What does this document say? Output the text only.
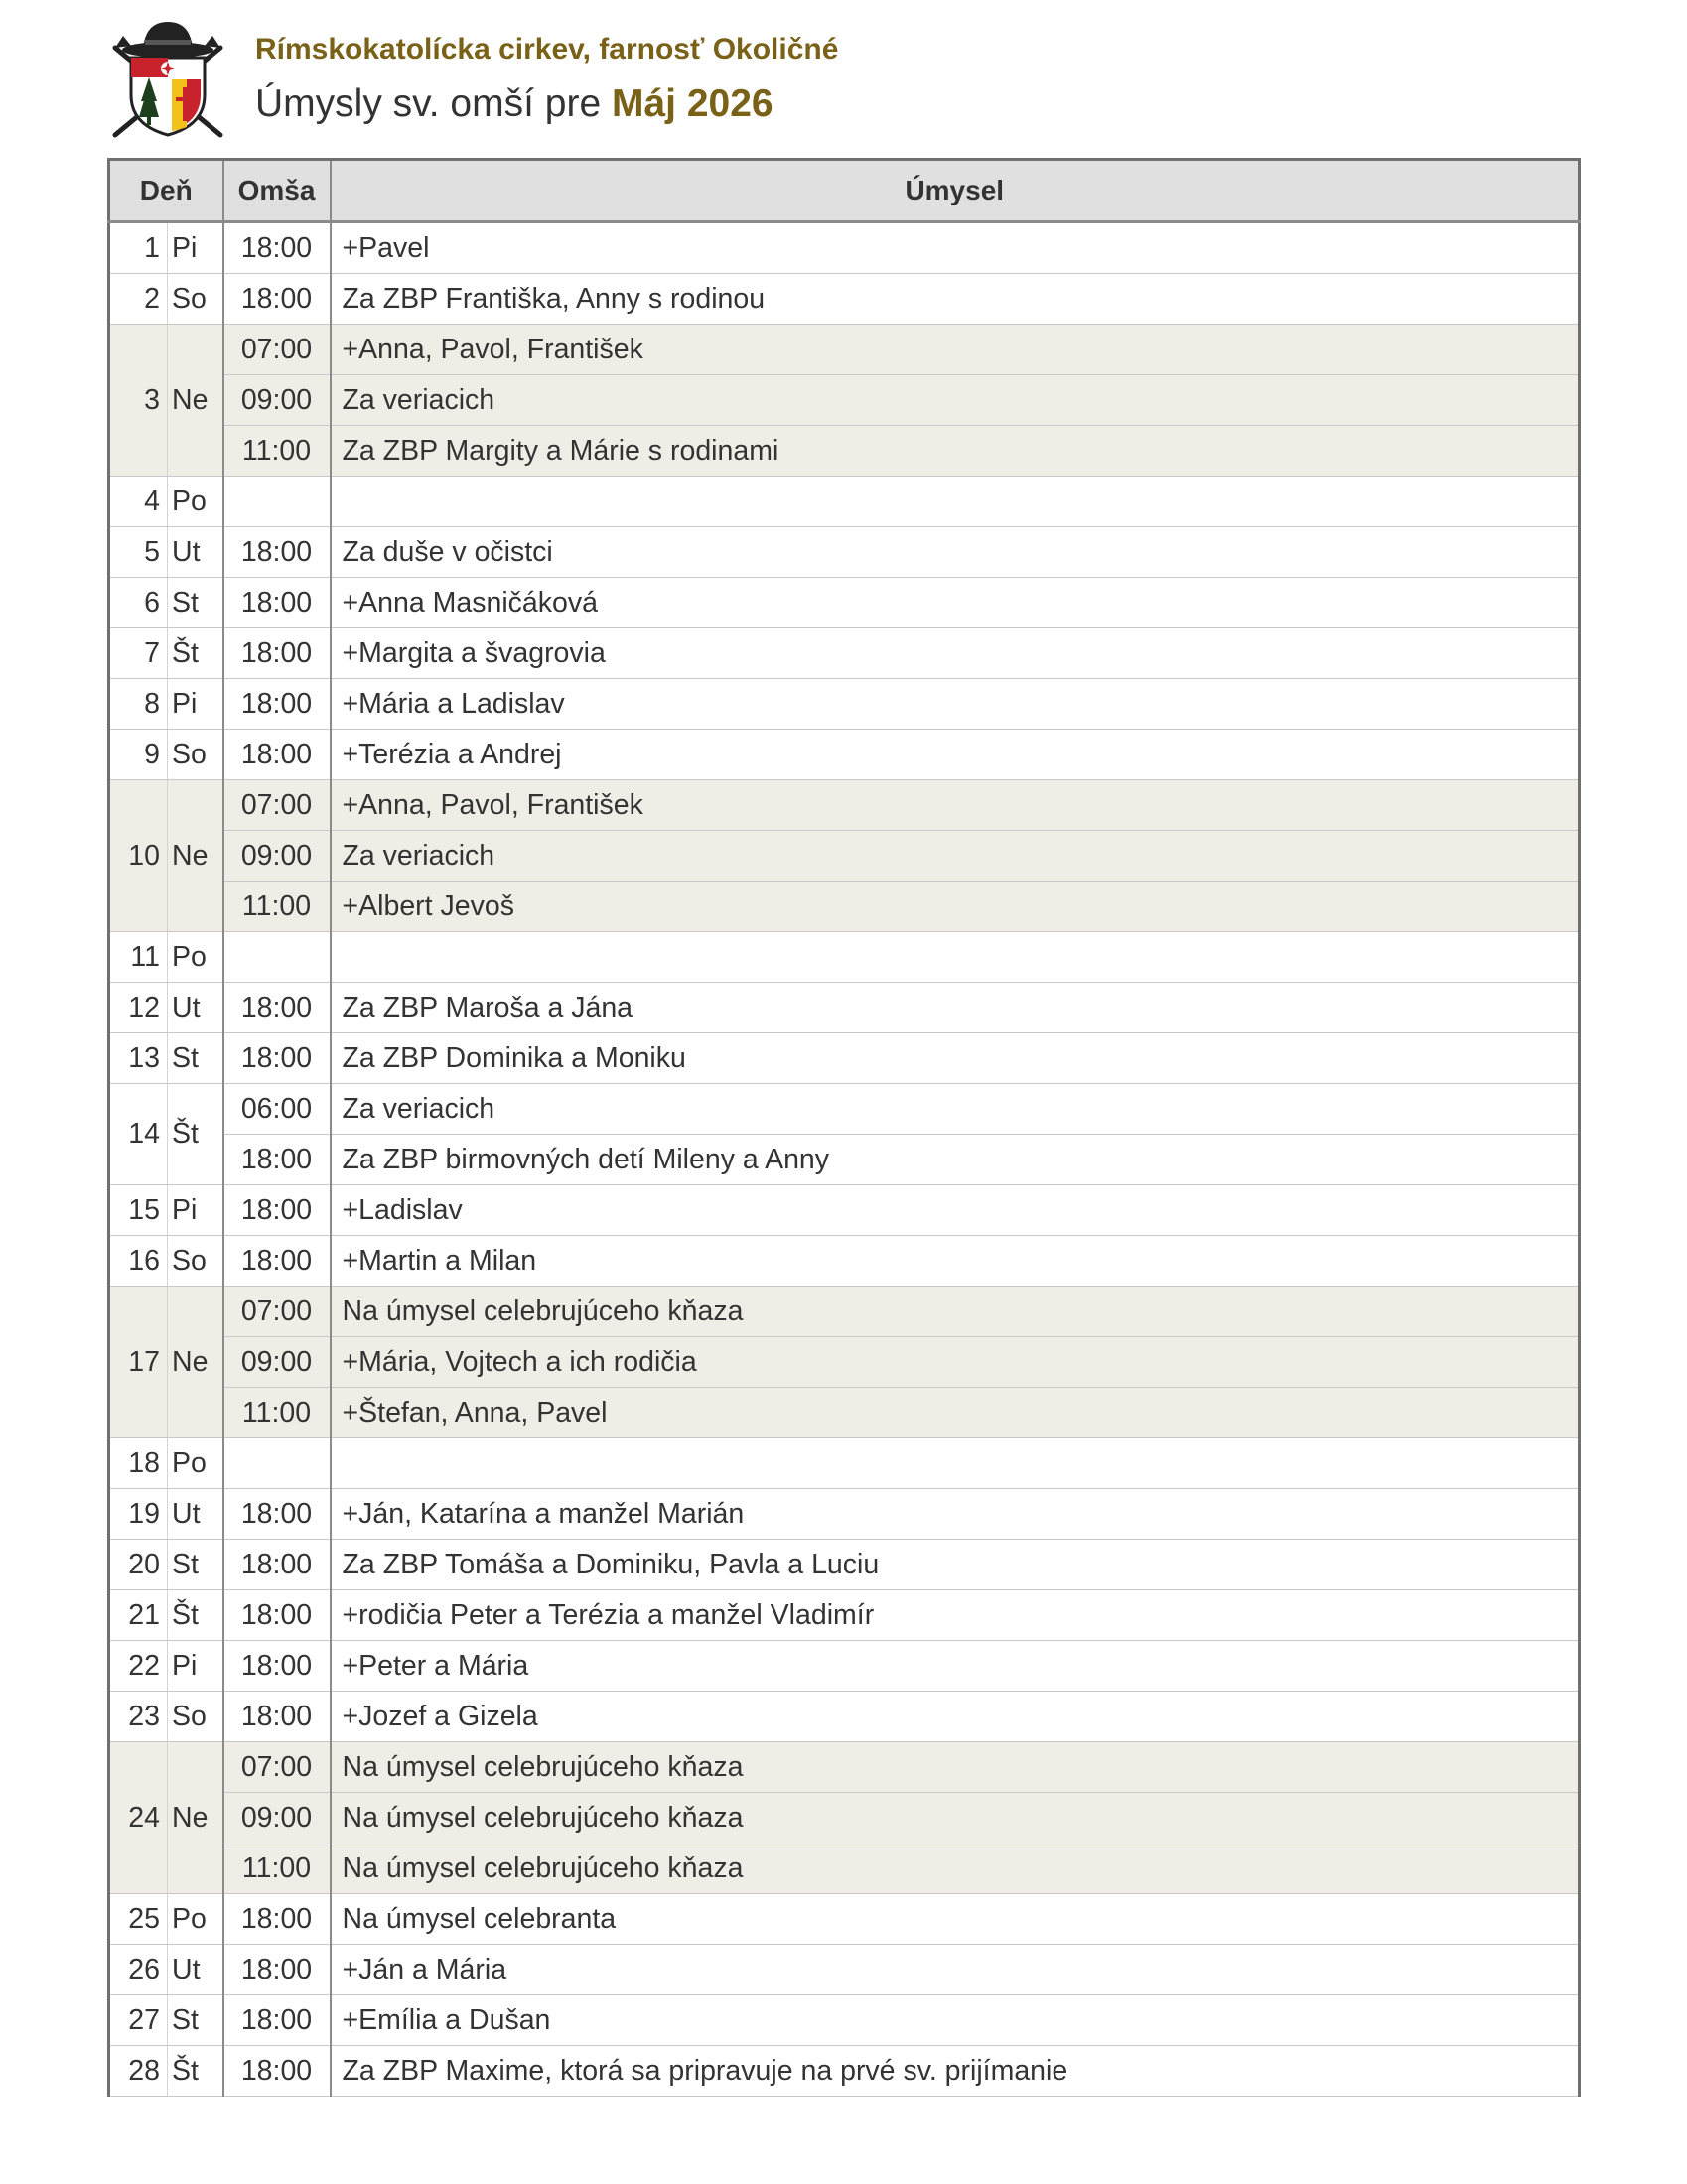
Rímskokatolícka cirkev, farnosť Okoličné

Úmysly sv. omší pre Máj 2026
Deň		Omša	Úmysel
1	Pi	18:00	+Pavel
2	So	18:00	Za ZBP Františka, Anny s rodinou
3	Ne	07:00	+Anna, Pavol, František
		09:00	Za veriacich
		11:00	Za ZBP Margity a Márie s rodinami
4	Po		
5	Ut	18:00	Za duše v očistci
6	St	18:00	+Anna Masničáková
7	Št	18:00	+Margita a švagrovia
8	Pi	18:00	+Mária a Ladislav
9	So	18:00	+Terézia a Andrej
10	Ne	07:00	+Anna, Pavol, František
		09:00	Za veriacich
		11:00	+Albert Jevoš
11	Po		
12	Ut	18:00	Za ZBP Maroša a Jána
13	St	18:00	Za ZBP Dominika a Moniku
14	Št	06:00	Za veriacich
		18:00	Za ZBP birmovných detí Mileny a Anny
15	Pi	18:00	+Ladislav
16	So	18:00	+Martin a Milan
17	Ne	07:00	Na úmysel celebrujúceho kňaza
		09:00	+Mária, Vojtech a ich rodičia
		11:00	+Štefan, Anna, Pavel
18	Po		
19	Ut	18:00	+Ján, Katarína a manžel Marián
20	St	18:00	Za ZBP Tomáša a Dominiku, Pavla a Luciu
21	Št	18:00	+rodičia Peter a Terézia a manžel Vladimír
22	Pi	18:00	+Peter a Mária
23	So	18:00	+Jozef a Gizela
24	Ne	07:00	Na úmysel celebrujúceho kňaza
		09:00	Na úmysel celebrujúceho kňaza
		11:00	Na úmysel celebrujúceho kňaza
25	Po	18:00	Na úmysel celebranta
26	Ut	18:00	+Ján a Mária
27	St	18:00	+Emília a Dušan
28	Št	18:00	Za ZBP Maxime, ktorá sa pripravuje na prvé sv. prijímanie
